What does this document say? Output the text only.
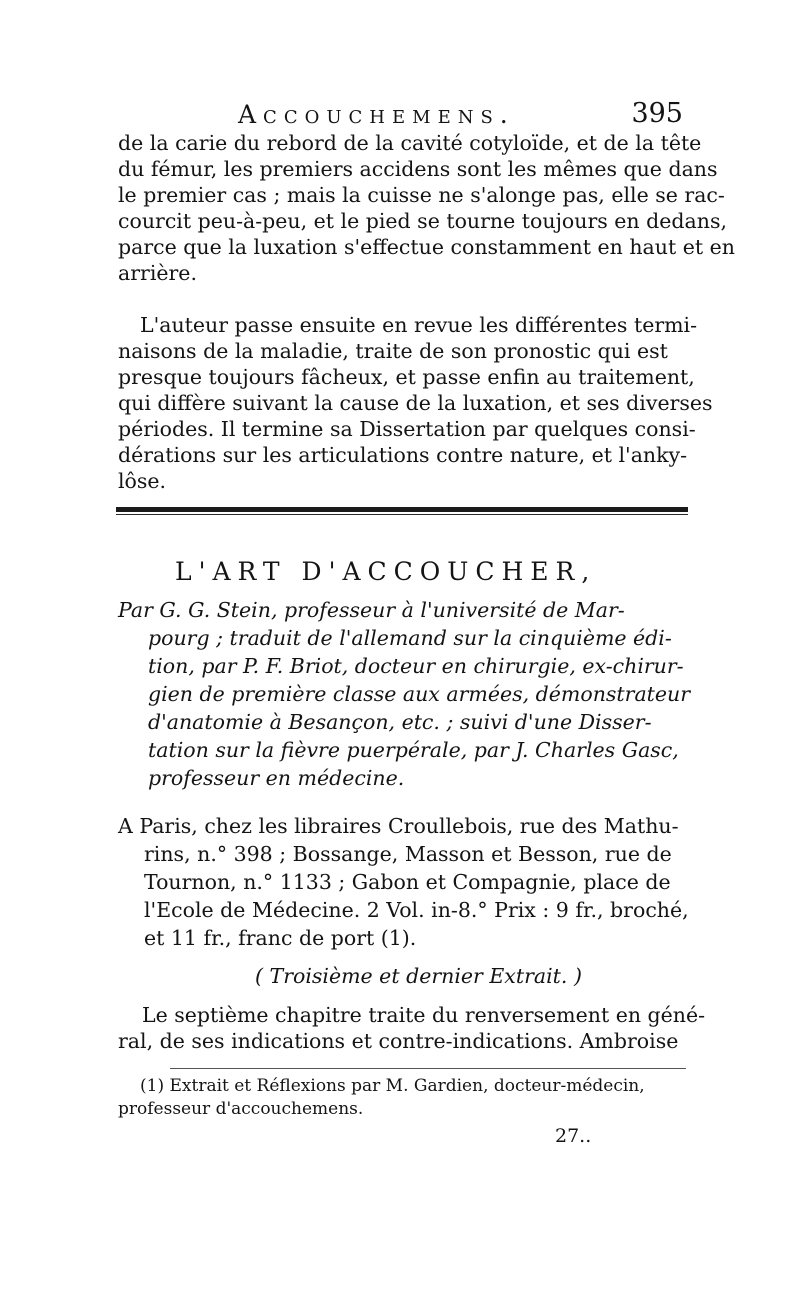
Accouchemens.	395
de la carie du rebord de la cavité cotyloïde, et de la tête
du fémur, les premiers accidens sont les mêmes que dans
le premier cas ; mais la cuisse ne s'alonge pas, elle se rac-
courcit peu-à-peu, et le pied se tourne toujours en dedans,
parce que la luxation s'effectue constamment en haut et en
arrière.
L'auteur passe ensuite en revue les différentes termi-
naisons de la maladie, traite de son pronostic qui est
presque toujours fâcheux, et passe enfin au traitement,
qui diffère suivant la cause de la luxation, et ses diverses
périodes. Il termine sa Dissertation par quelques consi-
dérations sur les articulations contre nature, et l'anky-
lôse.
L'ART D'ACCOUCHER,
Par G. G. Stein, professeur à l'université de Mar-
pourg ; traduit de l'allemand sur la cinquième édi-
tion, par P. F. Briot, docteur en chirurgie, ex-chirur-
gien de première classe aux armées, démonstrateur
d'anatomie à Besançon, etc. ; suivi d'une Disser-
tation sur la fièvre puerpérale, par J. Charles Gasc,
professeur en médecine.
A Paris, chez les libraires Croullebois, rue des Mathu-
rins, n.° 398 ; Bossange, Masson et Besson, rue de
Tournon, n.° 1133 ; Gabon et Compagnie, place de
l'Ecole de Médecine. 2 Vol. in-8.° Prix : 9 fr., broché,
et 11 fr., franc de port (1).
( Troisième et dernier Extrait. )
Le septième chapitre traite du renversement en géné-
ral, de ses indications et contre-indications. Ambroise
(1) Extrait et Réflexions par M. Gardien, docteur-médecin,
professeur d'accouchemens.
27..
